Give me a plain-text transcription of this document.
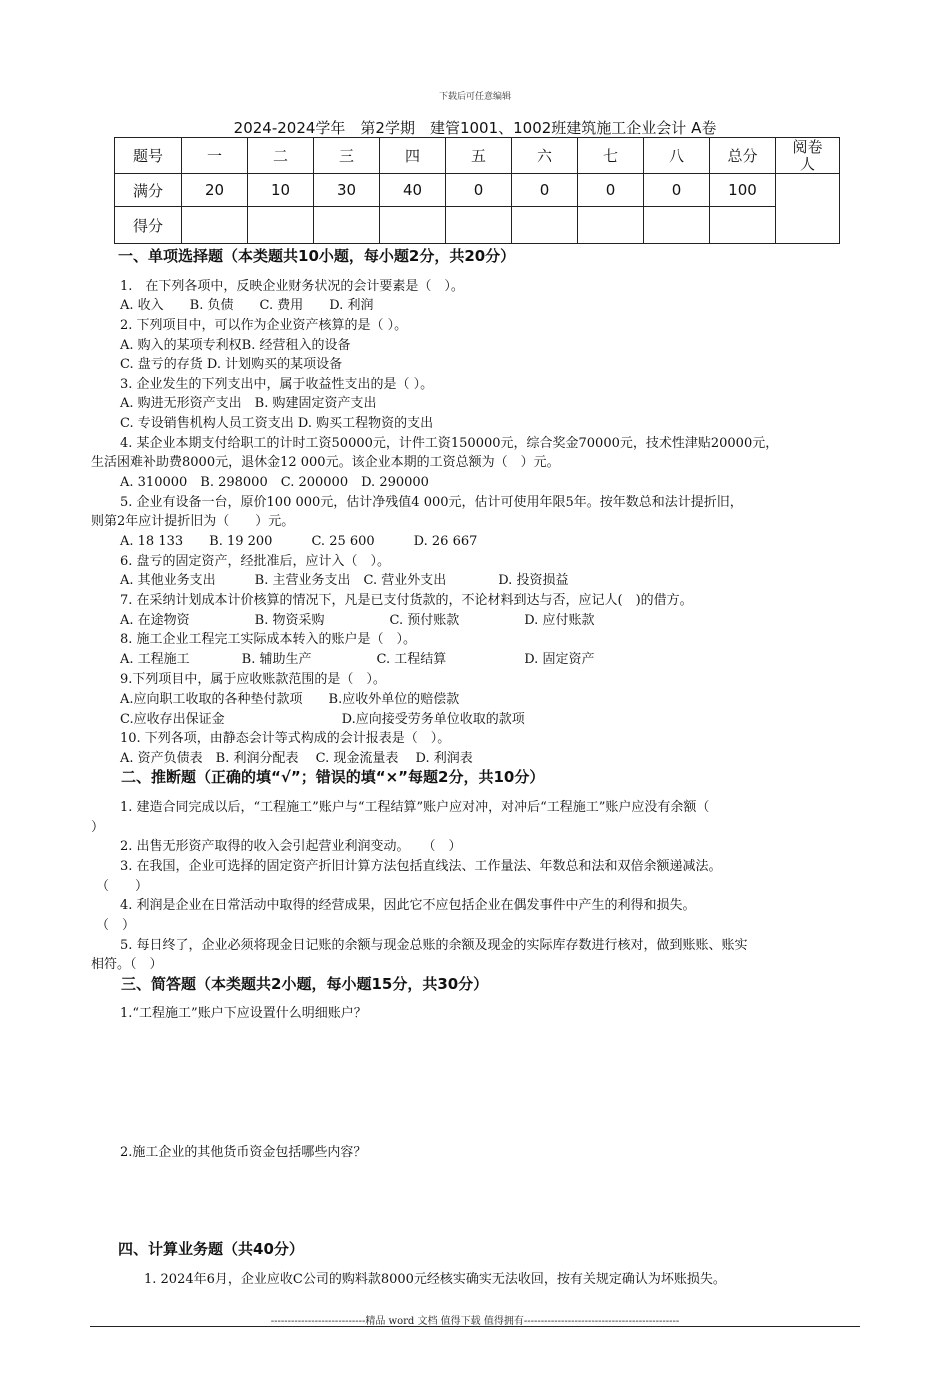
下载后可任意编辑
2024-2024学年　第2学期　建管1001、1002班建筑施工企业会计 A卷
题号	一	二	三	四	五	六	七	八	总分	阅卷人
满分	20	10	30	40	0	0	0	0	100	
得分										
一、单项选择题（本类题共10小题，每小题2分，共20分）
1.　在下列各项中，反映企业财务状况的会计要素是（　）。
A. 收入　　B. 负债　　C. 费用　　D. 利润
2. 下列项目中，可以作为企业资产核算的是（ ）。
A. 购入的某项专利权B. 经营租入的设备
C. 盘亏的存货 D. 计划购买的某项设备
3. 企业发生的下列支出中，属于收益性支出的是（ ）。
A. 购进无形资产支出　B. 购建固定资产支出
C. 专设销售机构人员工资支出 D. 购买工程物资的支出
4. 某企业本期支付给职工的计时工资50000元，计件工资150000元，综合奖金70000元，技术性津贴20000元，
生活困难补助费8000元，退休金12 000元。该企业本期的工资总额为（　）元。
A. 310000　B. 298000　C. 200000　D. 290000
5. 企业有设备一台，原价100 000元，估计净残值4 000元，估计可使用年限5年。按年数总和法计提折旧，
则第2年应计提折旧为（　　）元。
A. 18 133　　B. 19 200　　　C. 25 600　　　D. 26 667
6. 盘亏的固定资产，经批准后，应计入（　）。
A. 其他业务支出　　　B. 主营业务支出　C. 营业外支出　　　　D. 投资损益
7. 在采纳计划成本计价核算的情况下，凡是已支付货款的，不论材料到达与否，应记人(　)的借方。
A. 在途物资　　　　　B. 物资采购　　　　　C. 预付账款　　　　　D. 应付账款
8. 施工企业工程完工实际成本转入的账户是（　）。
A. 工程施工　　　　B. 辅助生产　　　　　C. 工程结算　　　　　　D. 固定资产
9.下列项目中，属于应收账款范围的是（　）。
A.应向职工收取的各种垫付款项　　B.应收外单位的赔偿款
C.应收存出保证金　　　　　　　　　D.应向接受劳务单位收取的款项
10. 下列各项，由静态会计等式构成的会计报表是（　）。
A. 资产负债表　B. 利润分配表　 C. 现金流量表　 D. 利润表
二、推断题（正确的填“√”；错误的填“×”每题2分，共10分）
1. 建造合同完成以后，“工程施工”账户与“工程结算”账户应对冲，对冲后“工程施工”账户应没有余额（
）
2. 出售无形资产取得的收入会引起营业利润变动。　　（　）
3. 在我国，企业可选择的固定资产折旧计算方法包括直线法、工作量法、年数总和法和双倍余额递减法。
（　　）
4. 利润是企业在日常活动中取得的经营成果，因此它不应包括企业在偶发事件中产生的利得和损失。
（　）
5. 每日终了，企业必须将现金日记账的余额与现金总账的余额及现金的实际库存数进行核对，做到账账、账实
相符。（　）
三、简答题（本类题共2小题，每小题15分，共30分）
1.“工程施工”账户下应设置什么明细账户？
2.施工企业的其他货币资金包括哪些内容？
四、计算业务题（共40分）
1. 2024年6月，企业应收C公司的购料款8000元经核实确实无法收回，按有关规定确认为坏账损失。
----------------------------精品 word 文档 值得下载 值得拥有----------------------------------------------
